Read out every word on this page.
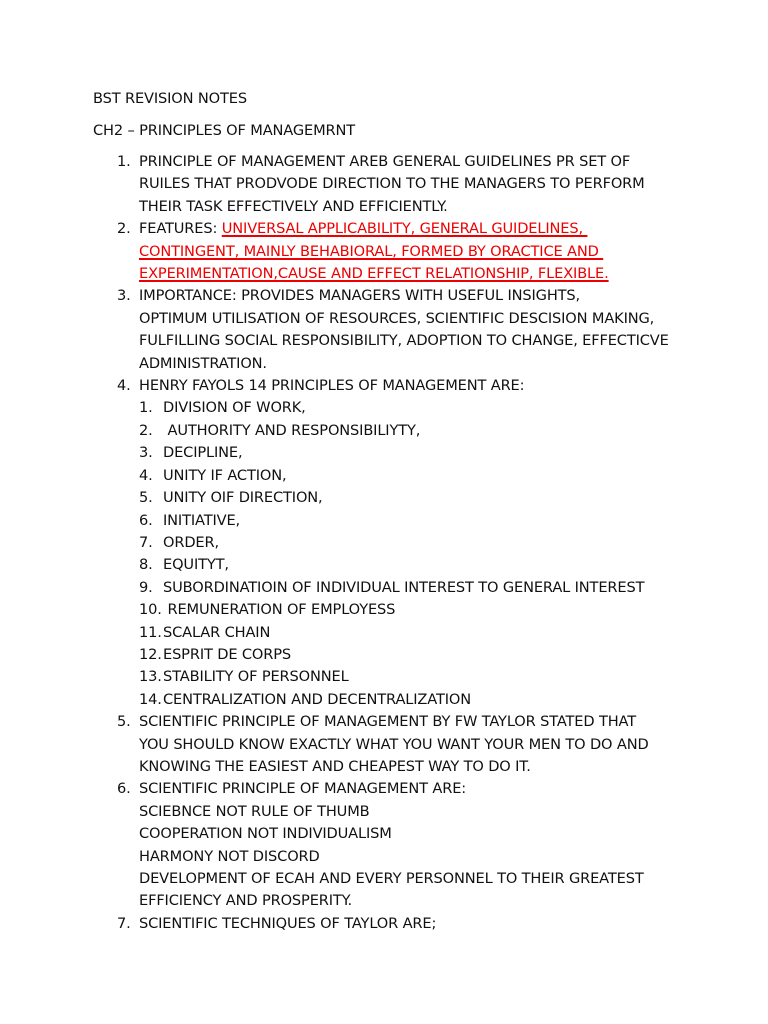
BST REVISION NOTES
CH2 – PRINCIPLES OF MANAGEMRNT
1. PRINCIPLE OF MANAGEMENT AREB GENERAL GUIDELINES PR SET OF
RUILES THAT PRODVODE DIRECTION TO THE MANAGERS TO PERFORM
THEIR TASK EFFECTIVELY AND EFFICIENTLY.
2. FEATURES: UNIVERSAL APPLICABILITY, GENERAL GUIDELINES,
CONTINGENT, MAINLY BEHABIORAL, FORMED BY ORACTICE AND
EXPERIMENTATION,CAUSE AND EFFECT RELATIONSHIP, FLEXIBLE.
3. IMPORTANCE: PROVIDES MANAGERS WITH USEFUL INSIGHTS,
OPTIMUM UTILISATION OF RESOURCES, SCIENTIFIC DESCISION MAKING,
FULFILLING SOCIAL RESPONSIBILITY, ADOPTION TO CHANGE, EFFECTICVE
ADMINISTRATION.
4. HENRY FAYOLS 14 PRINCIPLES OF MANAGEMENT ARE:
1. DIVISION OF WORK,
2. AUTHORITY AND RESPONSIBILIYTY,
3. DECIPLINE,
4. UNITY IF ACTION,
5. UNITY OIF DIRECTION,
6. INITIATIVE,
7. ORDER,
8. EQUITYT,
9. SUBORDINATIOIN OF INDIVIDUAL INTEREST TO GENERAL INTEREST
10. REMUNERATION OF EMPLOYESS
11.SCALAR CHAIN
12.ESPRIT DE CORPS
13.STABILITY OF PERSONNEL
14.CENTRALIZATION AND DECENTRALIZATION
5. SCIENTIFIC PRINCIPLE OF MANAGEMENT BY FW TAYLOR STATED THAT
YOU SHOULD KNOW EXACTLY WHAT YOU WANT YOUR MEN TO DO AND
KNOWING THE EASIEST AND CHEAPEST WAY TO DO IT.
6. SCIENTIFIC PRINCIPLE OF MANAGEMENT ARE:
SCIEBNCE NOT RULE OF THUMB
COOPERATION NOT INDIVIDUALISM
HARMONY NOT DISCORD
DEVELOPMENT OF ECAH AND EVERY PERSONNEL TO THEIR GREATEST
EFFICIENCY AND PROSPERITY.
7. SCIENTIFIC TECHNIQUES OF TAYLOR ARE;
